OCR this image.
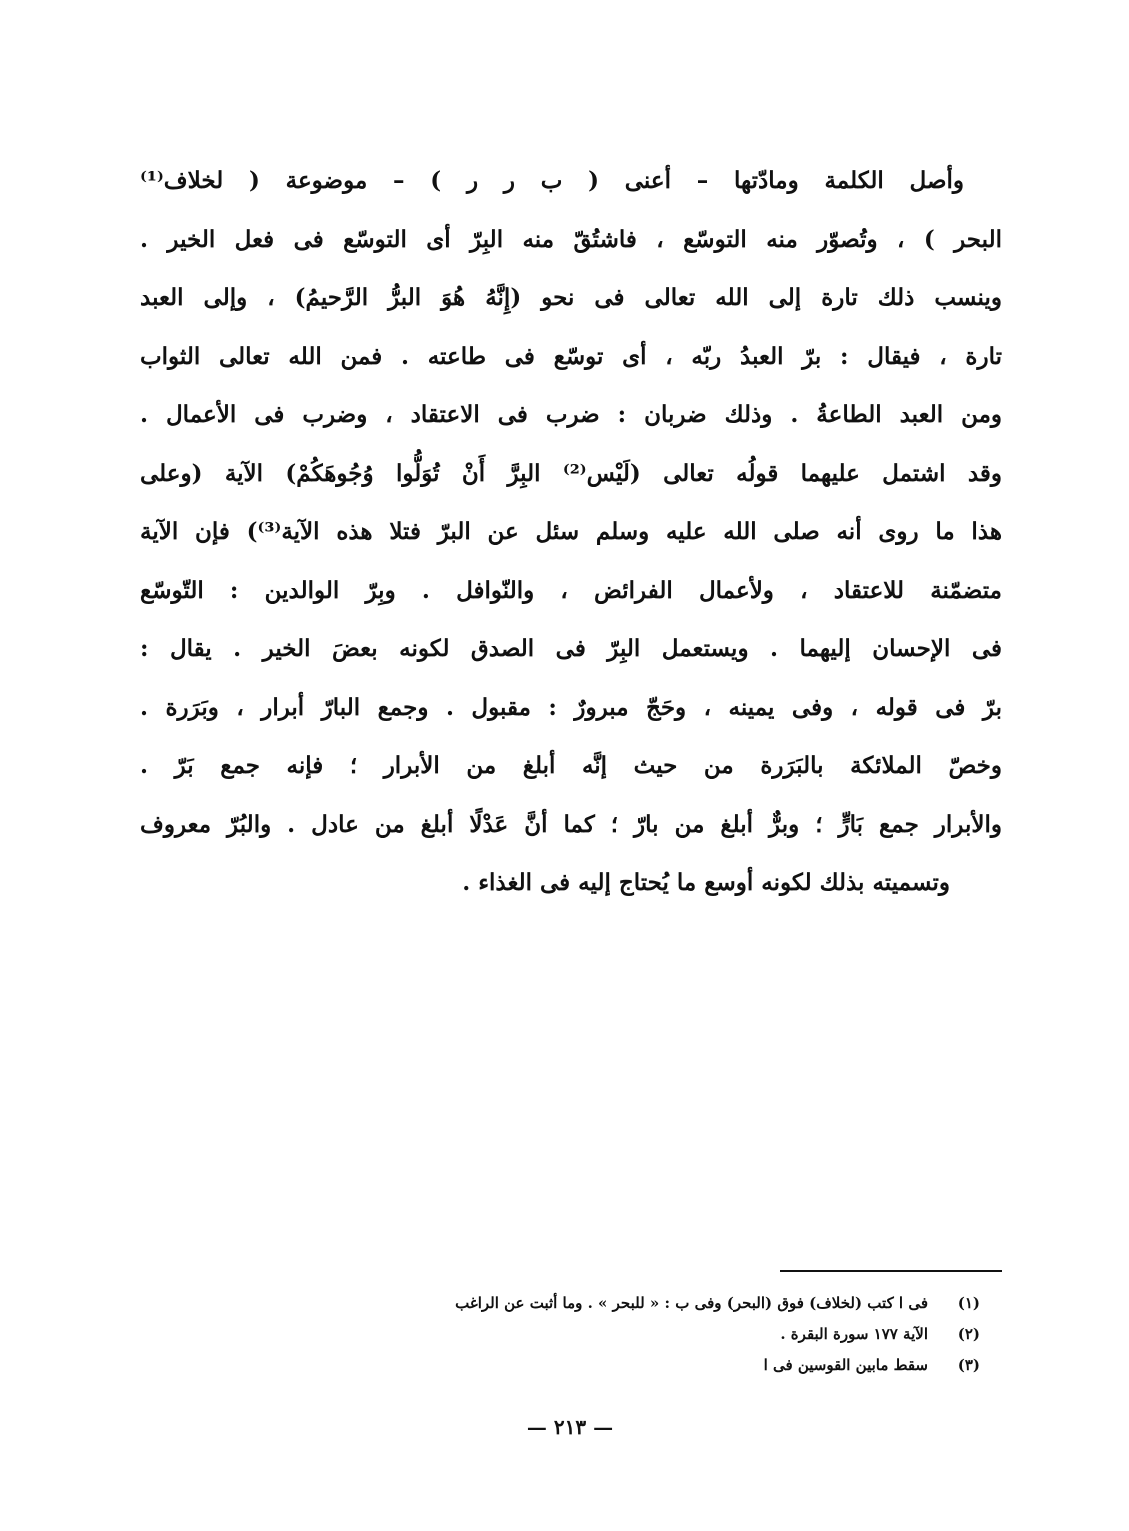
وأصل الكلمة ومادّتها – أعنى ( ب ر ر ) – موضوعة ( لخلاف⁽¹⁾
البحر ) ، وتُصوّر منه التوسّع ، فاشتُقّ منه البِرّ أى التوسّع فى فعل الخير .
وينسب ذلك تارة إلى الله تعالى فى نحو (إِنَّهُ هُوَ البرُّ الرَّحيمُ) ، وإلى العبد
تارة ، فيقال : برّ العبدُ ربّه ، أى توسّع فى طاعته . فمن الله تعالى الثواب
ومن العبد الطاعةُ . وذلك ضربان : ضرب فى الاعتقاد ، وضرب فى الأعمال .
وقد اشتمل عليهما قولُه تعالى (لَيْس⁽²⁾ البِرَّ أَنْ تُوَلُّوا وُجُوهَكُمْ) الآية (وعلى
هذا ما روى أنه صلى الله عليه وسلم سئل عن البرّ فتلا هذه الآية⁽³⁾) فإن الآية
متضمّنة للاعتقاد ، ولأعمال الفرائض ، والنّوافل . وبِرّ الوالدين : التّوسّع
فى الإحسان إليهما . ويستعمل البِرّ فى الصدق لكونه بعضَ الخير . يقال :
برّ فى قوله ، وفى يمينه ، وحَجّ مبرورٌ : مقبول . وجمع البارّ أبرار ، وبَرَرة .
وخصّ الملائكة بالبَرَرة من حيث إنَّه أبلغ من الأبرار ؛ فإنه جمع بَرّ .
والأبرار جمع بَارٍّ ؛ وبرٌّ أبلغ من بارّ ؛ كما أنَّ عَدْلًا أبلغ من عادل . والبُرّ معروف
وتسميته بذلك لكونه أوسع ما يُحتاج إليه فى الغذاء .
(١)
فى ا كتب (لخلاف) فوق (البحر) وفى ب : « للبحر » . وما أثبت عن الراغب
(٢)
الآية ١٧٧ سورة البقرة .
(٣)
سقط مابين القوسين فى ا
— ٢١٣ —
